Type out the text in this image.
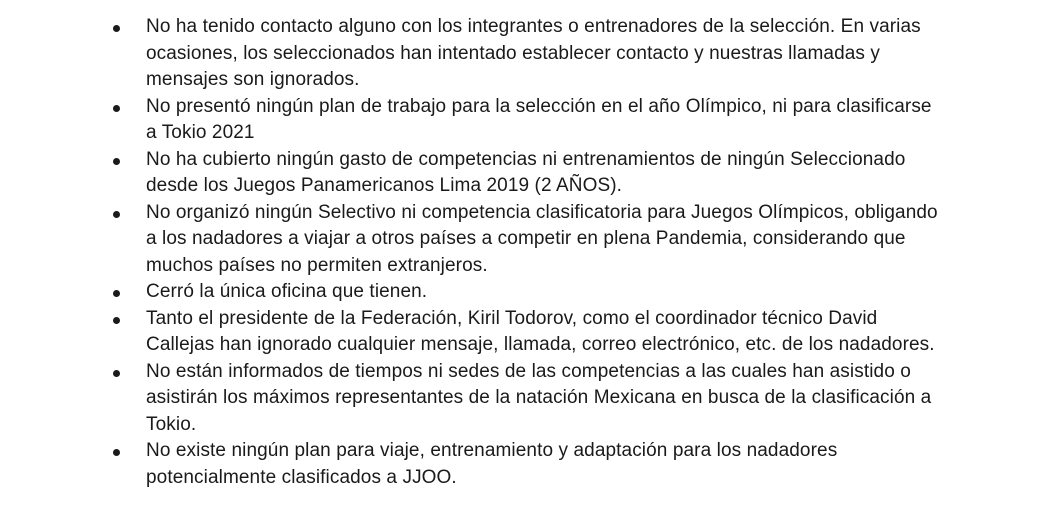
No ha tenido contacto alguno con los integrantes o entrenadores de la selección. En varias ocasiones, los seleccionados han intentado establecer contacto y nuestras llamadas y mensajes son ignorados.
No presentó ningún plan de trabajo para la selección en el año Olímpico, ni para clasificarse a Tokio 2021
No ha cubierto ningún gasto de competencias ni entrenamientos de ningún Seleccionado desde los Juegos Panamericanos Lima 2019 (2 AÑOS).
No organizó ningún Selectivo ni competencia clasificatoria para Juegos Olímpicos, obligando a los nadadores a viajar a otros países a competir en plena Pandemia, considerando que muchos países no permiten extranjeros.
Cerró la única oficina que tienen.
Tanto el presidente de la Federación, Kiril Todorov, como el coordinador técnico David Callejas han ignorado cualquier mensaje, llamada, correo electrónico, etc. de los nadadores.
No están informados de tiempos ni sedes de las competencias a las cuales han asistido o asistirán los máximos representantes de la natación Mexicana en busca de la clasificación a Tokio.
No existe ningún plan para viaje, entrenamiento y adaptación para los nadadores potencialmente clasificados a JJOO.
